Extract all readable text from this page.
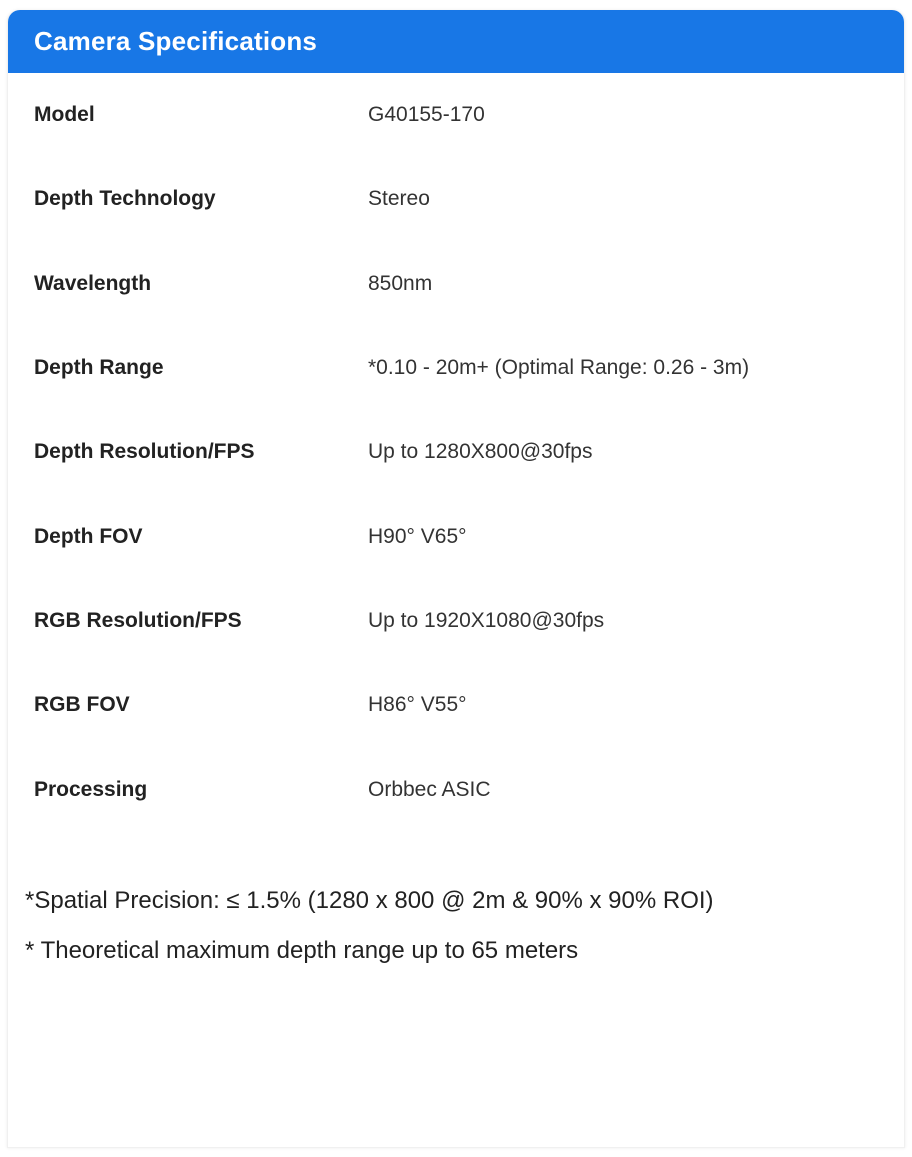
Camera Specifications
Model	G40155-170
Depth Technology	Stereo
Wavelength	850nm
Depth Range	*0.10 - 20m+ (Optimal Range: 0.26 - 3m)
Depth Resolution/FPS	Up to 1280X800@30fps
Depth FOV	H90° V65°
RGB Resolution/FPS	Up to 1920X1080@30fps
RGB FOV	H86° V55°
Processing	Orbbec ASIC
*Spatial Precision: ≤ 1.5% (1280 x 800 @ 2m & 90% x 90% ROI)
* Theoretical maximum depth range up to 65 meters
